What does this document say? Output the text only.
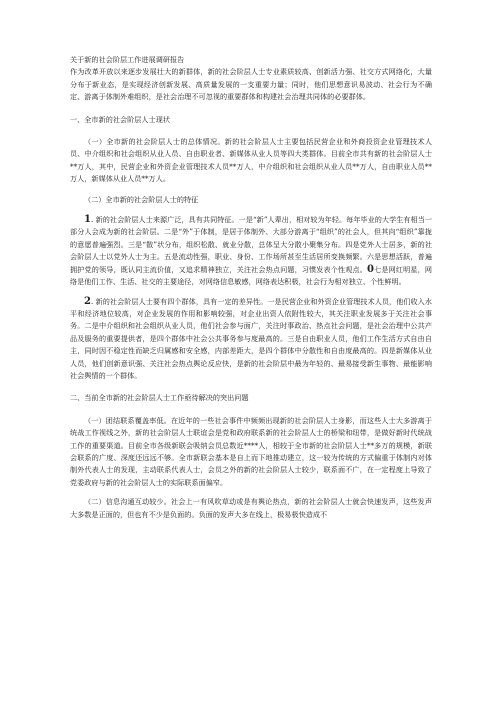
关于新的社会阶层工作进展调研报告

作为改革开放以来逐步发展壮大的新群体，新的社会阶层人士专业素质较高、创新活力强、社交方式网络化，大量分布于新业态，是实现经济创新发展、高质量发展的一支重要力量；同时，他们思想意识易波动、社会行为不确定、游离于体制外难组织，是社会治理不可忽视的重要群体和构建社会治理共同体的必要群体。

一、全市新的社会阶层人士现状

（一）全市新的社会阶层人士的总体情况。新的社会阶层人士主要包括民营企业和外商投资企业管理技术人员、中介组织和社会组织从业人员、自由职业者、新媒体从业人员等四大类群体。目前全市共有新的社会阶层人士**万人，其中，民营企业和外资企业管理技术人员**万人，中介组织和社会组织从业人员**万人，自由职业人员**万人，新媒体从业人员**万人。

（二）全市新的社会阶层人士的特征

1. 新的社会阶层人士来源广泛，具有共同特征。一是“新”人辈出，相对较为年轻。每年毕业的大学生有相当一部分人会成为新的社会阶层。二是“外”于体制，是居于体制外、大部分游离于“组织”的社会人，但其向“组织”靠拢的意愿普遍强烈。三是“散”状分布，组织松散、就业分散，总体呈大分散小聚集分布。四是党外人士居多，新的社会阶层人士以党外人士为主。五是流动性强，职业、身份、工作场所甚至生活居所变换频繁。六是思想活跃，普遍拥护党的领导，既认同主流价值，又追求精神独立，关注社会热点问题，习惯发表个性观点。0七是网红明星，网络是他们工作、生活、社交的主要途径，对网络信息敏感，网络表达积极，社会行为相对独立、个性鲜明。

2. 新的社会阶层人士要有四个群体，具有一定的差异性。一是民营企业和外资企业管理技术人员，他们收入水平和经济地位较高，对企业发展的作用和影响较强，对企业出资人依附性较大，其关注职业发展多于关注社会事务。二是中介组织和社会组织从业人员，他们社会参与面广，关注时事政治、热点社会问题，是社会治理中公共产品及服务的重要提供者，是四个群体中社会公共事务参与度最高的。三是自由职业人员，他们工作生活方式自由自主，同时因不稳定性而缺乏归属感和安全感，内部差距大，是四个群体中分散性和自由度最高的。四是新媒体从业人员，他们创新意识强、关注社会热点舆论反应快，是新的社会阶层中最为年轻的、最易接受新生事物、最能影响社会舆情的一个群体。

二、当前全市新的社会阶层人士工作亟待解决的突出问题

（一）团结联系覆盖率低。在近年的一些社会事件中频频出现新的社会阶层人士身影，而这些人士大多游离于统战工作视线之外，新的社会阶层人士联谊会是党和政府联系新的社会阶层人士的桥梁和纽带，是做好新时代统战工作的重要渠道。目前全市各级新联会吸纳会员总数近****人，相较于全市新的社会阶层人士**多万的规模，新联会联系的广度、深度还远远不够。全市新联会基本是自上而下地推动建立，这一较为传统的方式偏重于体制内对体制外代表人士的发现，主动联系代表人士，会员之外的新的社会阶层人士较少，联系面不广，在一定程度上导致了党委政府与新的社会阶层人士的实际联系面偏窄。

（二）信息沟通互动较少。社会上一有风吹草动或是有舆论热点，新的社会阶层人士就会快速发声，这些发声大多数是正面的，但也有不少是负面的。负面的发声大多在线上，极易极快造成不
